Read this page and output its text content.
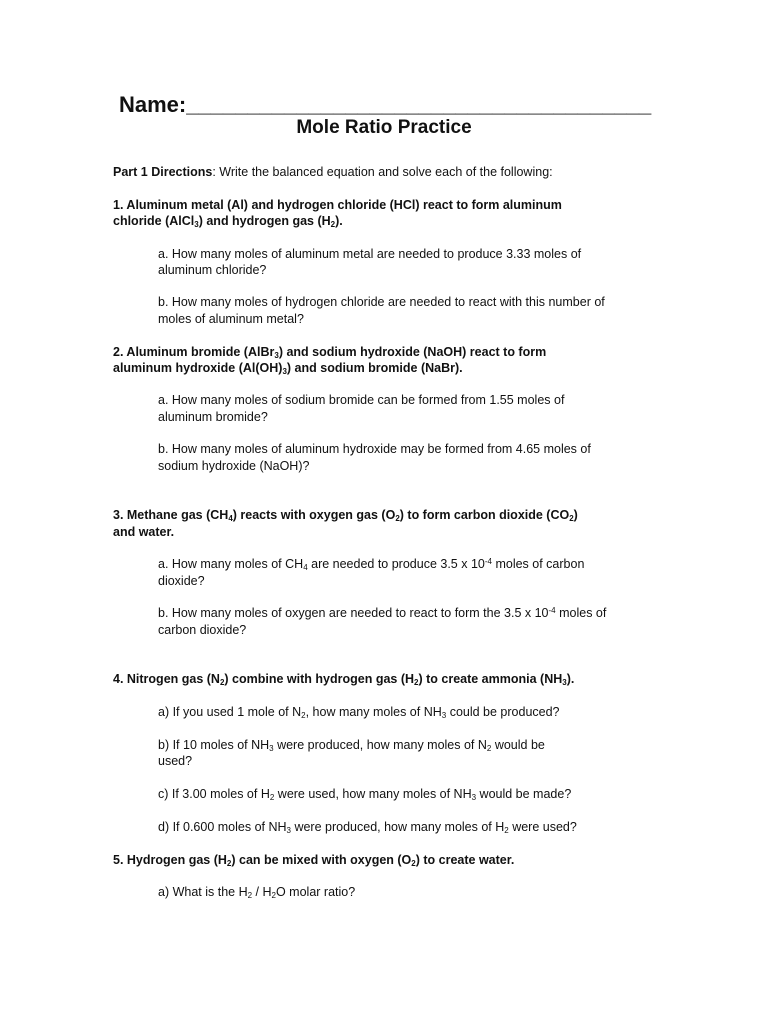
Name:______________________________________
Mole Ratio Practice
Part 1 Directions: Write the balanced equation and solve each of the following:
1. Aluminum metal (Al) and hydrogen chloride (HCl) react to form aluminum
chloride (AlCl$_3$) and hydrogen gas $(H_2)$.
a. How many moles of aluminum metal are needed to produce 3.33 moles of
aluminum chloride?
b. How many moles of hydrogen chloride are needed to react with this number of
moles of aluminum metal?
2. Aluminum bromide (AlBr$_3$) and sodium hydroxide (NaOH) react to form
aluminum hydroxide $(Al(OH)_3)$ and sodium bromide (NaBr).
a. How many moles of sodium bromide can be formed from 1.55 moles of
aluminum bromide?
b. How many moles of aluminum hydroxide may be formed from 4.65 moles of
sodium hydroxide (NaOH)?
3. Methane gas $(CH_4)$ reacts with oxygen gas $(O_2)$ to form carbon dioxide $(CO_2)$
and water.
a. How many moles of $CH_4$ are needed to produce 3.5 x $10^{-4}$ moles of carbon
dioxide?
b. How many moles of oxygen are needed to react to form the 3.5 x $10^{-4}$ moles of
carbon dioxide?
4. Nitrogen gas $(N_2)$ combine with hydrogen gas $(H_2)$ to create ammonia $(NH_3)$.
a) If you used 1 mole of $N_2$, how many moles of $NH_3$ could be produced?
b) If 10 moles of $NH_3$ were produced, how many moles of $N_2$ would be
used?
c) If 3.00 moles of $H_2$ were used, how many moles of $NH_3$ would be made?
d) If 0.600 moles of $NH_3$ were produced, how many moles of $H_2$ were used?
5. Hydrogen gas $(H_2)$ can be mixed with oxygen $(O_2)$ to create water.
a) What is the $H_2 / H_2O$ molar ratio?
